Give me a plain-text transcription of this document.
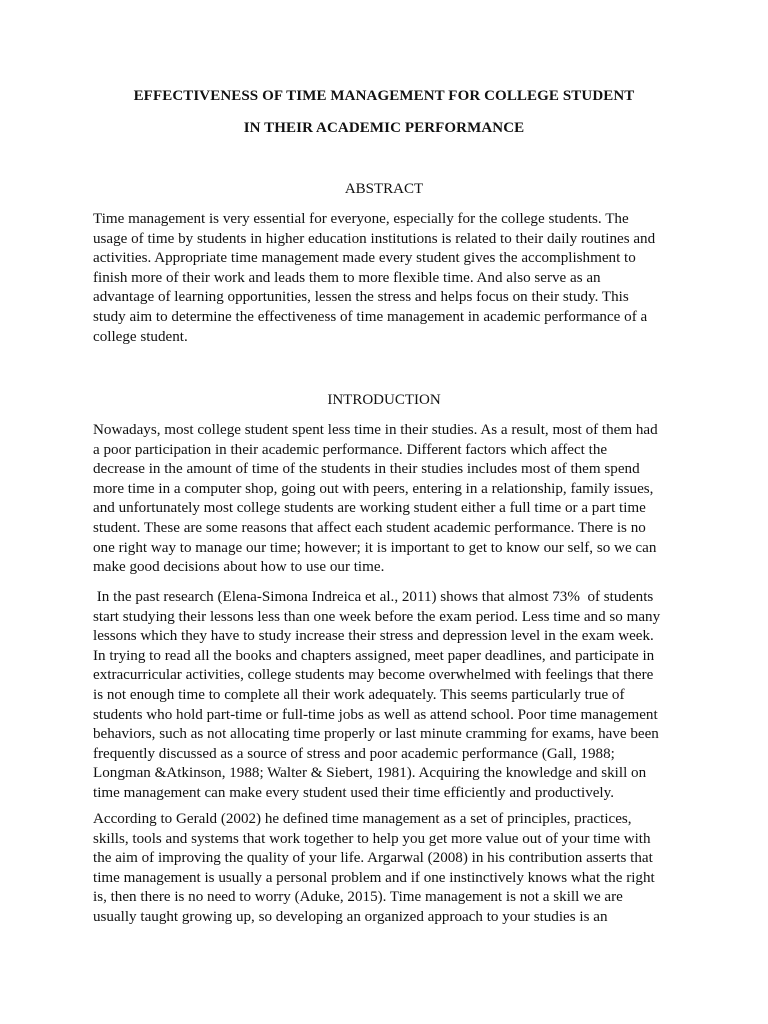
EFFECTIVENESS OF TIME MANAGEMENT FOR COLLEGE STUDENT
IN THEIR ACADEMIC PERFORMANCE
ABSTRACT
Time management is very essential for everyone, especially for the college students. The
usage of time by students in higher education institutions is related to their daily routines and
activities. Appropriate time management made every student gives the accomplishment to
finish more of their work and leads them to more flexible time. And also serve as an
advantage of learning opportunities, lessen the stress and helps focus on their study. This
study aim to determine the effectiveness of time management in academic performance of a
college student.
INTRODUCTION
Nowadays, most college student spent less time in their studies. As a result, most of them had
a poor participation in their academic performance. Different factors which affect the
decrease in the amount of time of the students in their studies includes most of them spend
more time in a computer shop, going out with peers, entering in a relationship, family issues,
and unfortunately most college students are working student either a full time or a part time
student. These are some reasons that affect each student academic performance. There is no
one right way to manage our time; however; it is important to get to know our self, so we can
make good decisions about how to use our time.
In the past research (Elena-Simona Indreica et al., 2011) shows that almost 73%  of students
start studying their lessons less than one week before the exam period. Less time and so many
lessons which they have to study increase their stress and depression level in the exam week.
In trying to read all the books and chapters assigned, meet paper deadlines, and participate in
extracurricular activities, college students may become overwhelmed with feelings that there
is not enough time to complete all their work adequately. This seems particularly true of
students who hold part-time or full-time jobs as well as attend school. Poor time management
behaviors, such as not allocating time properly or last minute cramming for exams, have been
frequently discussed as a source of stress and poor academic performance (Gall, 1988;
Longman &Atkinson, 1988; Walter & Siebert, 1981). Acquiring the knowledge and skill on
time management can make every student used their time efficiently and productively.
According to Gerald (2002) he defined time management as a set of principles, practices,
skills, tools and systems that work together to help you get more value out of your time with
the aim of improving the quality of your life. Argarwal (2008) in his contribution asserts that
time management is usually a personal problem and if one instinctively knows what the right
is, then there is no need to worry (Aduke, 2015). Time management is not a skill we are
usually taught growing up, so developing an organized approach to your studies is an
